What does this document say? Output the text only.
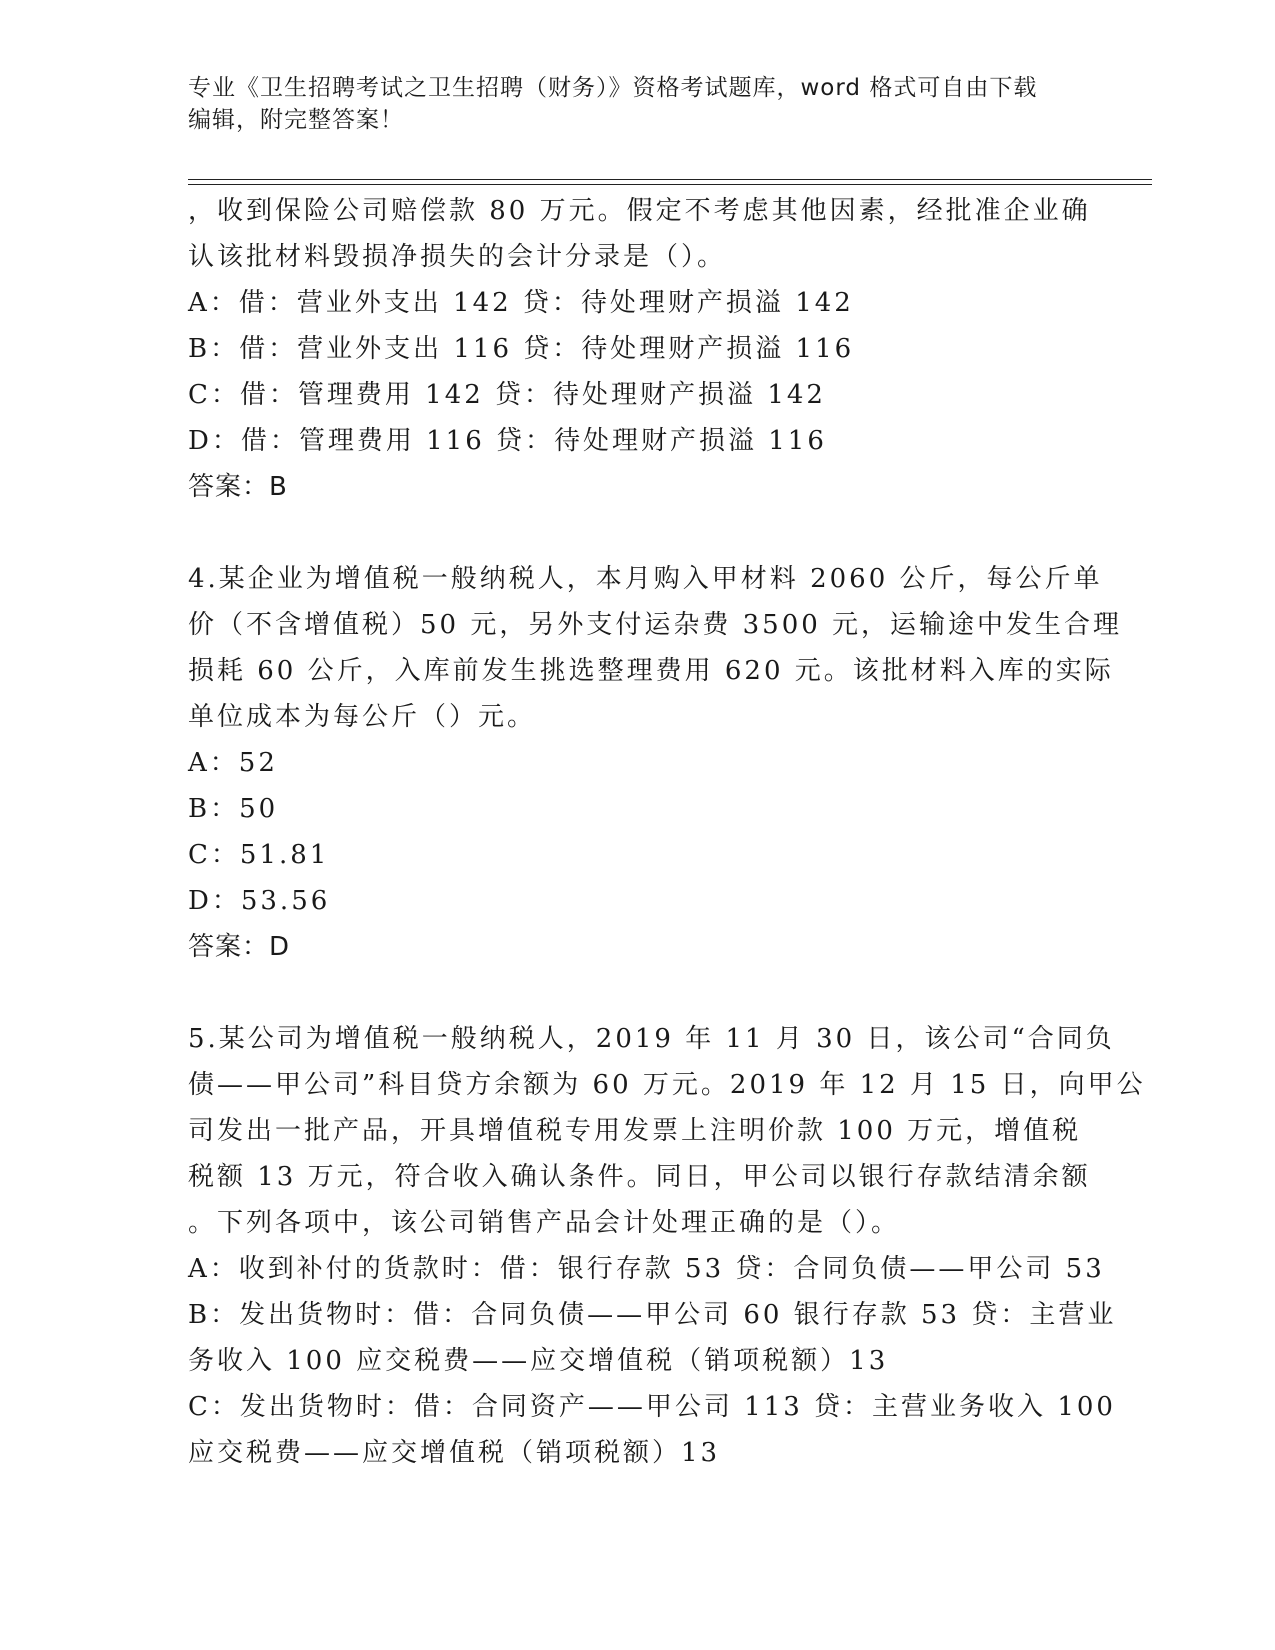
专业《卫生招聘考试之卫生招聘（财务）》资格考试题库，word 格式可自由下载
编辑，附完整答案！
，收到保险公司赔偿款 80 万元。假定不考虑其他因素，经批准企业确
认该批材料毁损净损失的会计分录是（）。
A：借：营业外支出 142 贷：待处理财产损溢 142
B：借：营业外支出 116 贷：待处理财产损溢 116
C：借：管理费用 142 贷：待处理财产损溢 142
D：借：管理费用 116 贷：待处理财产损溢 116
答案：B
4.某企业为增值税一般纳税人，本月购入甲材料 2060 公斤，每公斤单
价（不含增值税）50 元，另外支付运杂费 3500 元，运输途中发生合理
损耗 60 公斤，入库前发生挑选整理费用 620 元。该批材料入库的实际
单位成本为每公斤（）元。
A：52
B：50
C：51.81
D：53.56
答案：D
5.某公司为增值税一般纳税人，2019 年 11 月 30 日，该公司“合同负
债——甲公司”科目贷方余额为 60 万元。2019 年 12 月 15 日，向甲公
司发出一批产品，开具增值税专用发票上注明价款 100 万元，增值税
税额 13 万元，符合收入确认条件。同日，甲公司以银行存款结清余额
。下列各项中，该公司销售产品会计处理正确的是（）。
A：收到补付的货款时：借：银行存款 53 贷：合同负债——甲公司 53
B：发出货物时：借：合同负债——甲公司 60 银行存款 53 贷：主营业
务收入 100 应交税费——应交增值税（销项税额）13
C：发出货物时：借：合同资产——甲公司 113 贷：主营业务收入 100
应交税费——应交增值税（销项税额）13
